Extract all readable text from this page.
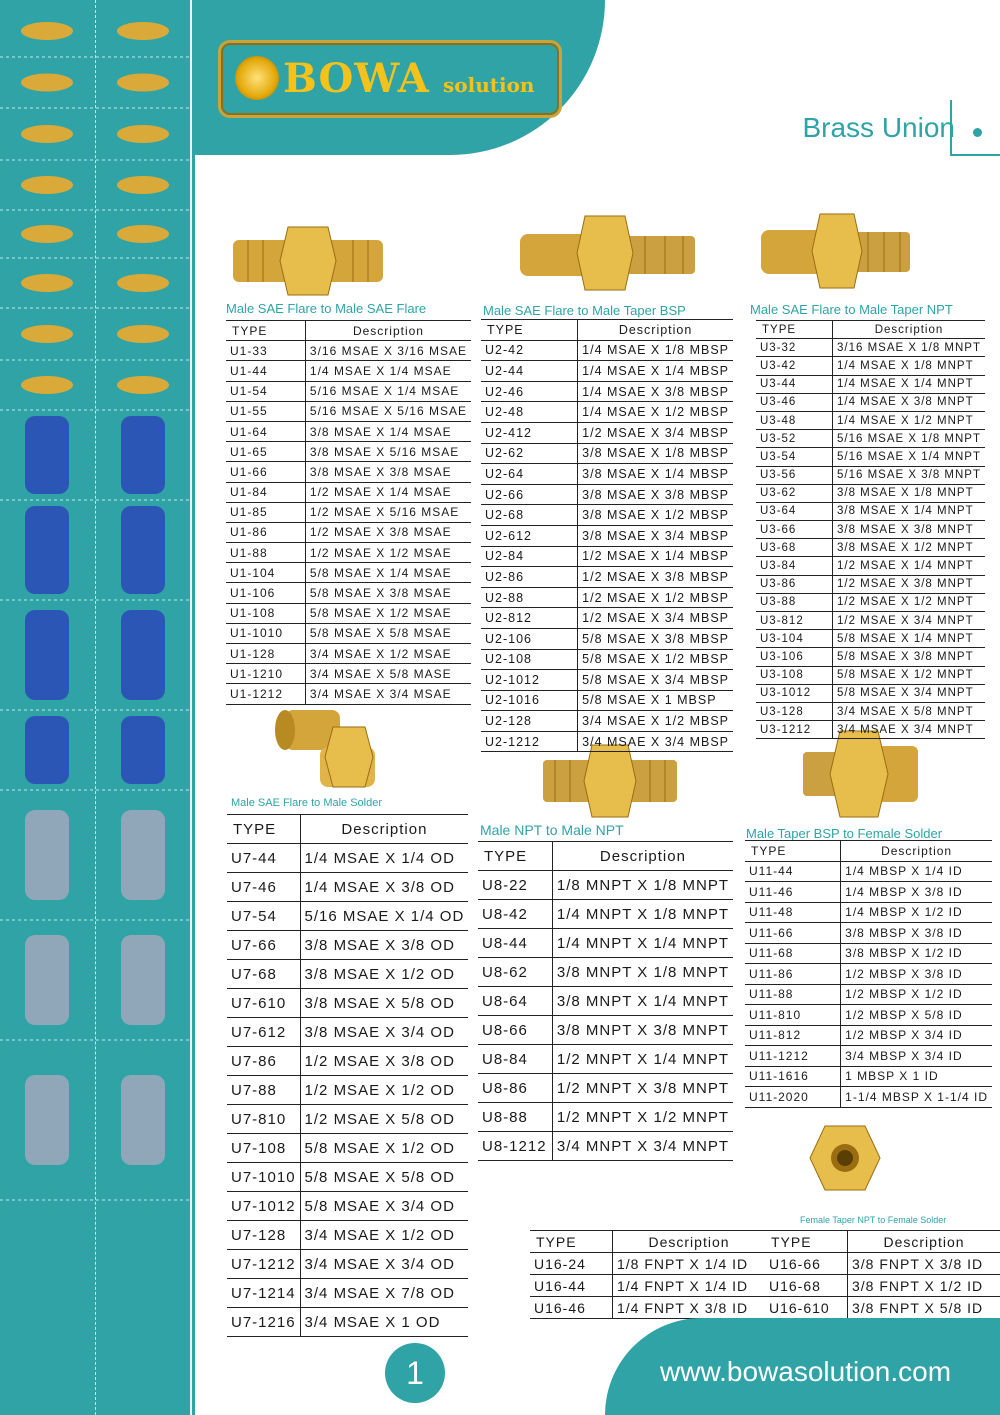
BOWA solution
Brass Union
Male SAE Flare to Male SAE Flare	Male SAE Flare to Male Taper BSP	Male SAE Flare to Male Taper NPT
Male SAE Flare to Male Solder
Male NPT to Male NPT	Male Taper BSP to Female Solder
Female Taper NPT to Female Solder
TYPE	Description
U1-33	3/16 MSAE X 3/16 MSAE
U1-44	1/4 MSAE X 1/4 MSAE
U1-54	5/16 MSAE X 1/4 MSAE
U1-55	5/16 MSAE X 5/16 MSAE
U1-64	3/8 MSAE X 1/4 MSAE
U1-65	3/8 MSAE X 5/16 MSAE
U1-66	3/8 MSAE X 3/8 MSAE
U1-84	1/2 MSAE X 1/4 MSAE
U1-85	1/2 MSAE X 5/16 MSAE
U1-86	1/2 MSAE X 3/8 MSAE
U1-88	1/2 MSAE X 1/2 MSAE
U1-104	5/8 MSAE X 1/4 MSAE
U1-106	5/8 MSAE X 3/8 MSAE
U1-108	5/8 MSAE X 1/2 MSAE
U1-1010	5/8 MSAE X 5/8 MSAE
U1-128	3/4 MSAE X 1/2 MSAE
U1-1210	3/4 MSAE X 5/8 MASE
U1-1212	3/4 MSAE X 3/4 MSAE
TYPE	Description
U2-42	1/4 MSAE X 1/8 MBSP
U2-44	1/4 MSAE X 1/4 MBSP
U2-46	1/4 MSAE X 3/8 MBSP
U2-48	1/4 MSAE X 1/2 MBSP
U2-412	1/2 MSAE X 3/4 MBSP
U2-62	3/8 MSAE X 1/8 MBSP
U2-64	3/8 MSAE X 1/4 MBSP
U2-66	3/8 MSAE X 3/8 MBSP
U2-68	3/8 MSAE X 1/2 MBSP
U2-612	3/8 MSAE X 3/4 MBSP
U2-84	1/2 MSAE X 1/4 MBSP
U2-86	1/2 MSAE X 3/8 MBSP
U2-88	1/2 MSAE X 1/2 MBSP
U2-812	1/2 MSAE X 3/4 MBSP
U2-106	5/8 MSAE X 3/8 MBSP
U2-108	5/8 MSAE X 1/2 MBSP
U2-1012	5/8 MSAE X 3/4 MBSP
U2-1016	5/8 MSAE X 1 MBSP
U2-128	3/4 MSAE X 1/2 MBSP
U2-1212	3/4 MSAE X 3/4 MBSP
TYPE	Description
U3-32	3/16 MSAE X 1/8 MNPT
U3-42	1/4 MSAE X 1/8 MNPT
U3-44	1/4 MSAE X 1/4 MNPT
U3-46	1/4 MSAE X 3/8 MNPT
U3-48	1/4 MSAE X 1/2 MNPT
U3-52	5/16 MSAE X 1/8 MNPT
U3-54	5/16 MSAE X 1/4 MNPT
U3-56	5/16 MSAE X 3/8 MNPT
U3-62	3/8 MSAE X 1/8 MNPT
U3-64	3/8 MSAE X 1/4 MNPT
U3-66	3/8 MSAE X 3/8 MNPT
U3-68	3/8 MSAE X 1/2 MNPT
U3-84	1/2 MSAE X 1/4 MNPT
U3-86	1/2 MSAE X 3/8 MNPT
U3-88	1/2 MSAE X 1/2 MNPT
U3-812	1/2 MSAE X 3/4 MNPT
U3-104	5/8 MSAE X 1/4 MNPT
U3-106	5/8 MSAE X 3/8 MNPT
U3-108	5/8 MSAE X 1/2 MNPT
U3-1012	5/8 MSAE X 3/4 MNPT
U3-128	3/4 MSAE X 5/8 MNPT
U3-1212	3/4 MSAE X 3/4 MNPT
TYPE	Description
U7-44	1/4 MSAE X 1/4 OD
U7-46	1/4 MSAE X 3/8 OD
U7-54	5/16 MSAE X 1/4 OD
U7-66	3/8 MSAE X 3/8 OD
U7-68	3/8 MSAE X 1/2 OD
U7-610	3/8 MSAE X 5/8 OD
U7-612	3/8 MSAE X 3/4 OD
U7-86	1/2 MSAE X 3/8 OD
U7-88	1/2 MSAE X 1/2 OD
U7-810	1/2 MSAE X 5/8 OD
U7-108	5/8 MSAE X 1/2 OD
U7-1010	5/8 MSAE X 5/8 OD
U7-1012	5/8 MSAE X 3/4 OD
U7-128	3/4 MSAE X 1/2 OD
U7-1212	3/4 MSAE X 3/4 OD
U7-1214	3/4 MSAE X 7/8 OD
U7-1216	3/4 MSAE X 1 OD
TYPE	Description
U8-22	1/8 MNPT X 1/8 MNPT
U8-42	1/4 MNPT X 1/8 MNPT
U8-44	1/4 MNPT X 1/4 MNPT
U8-62	3/8 MNPT X 1/8 MNPT
U8-64	3/8 MNPT X 1/4 MNPT
U8-66	3/8 MNPT X 3/8 MNPT
U8-84	1/2 MNPT X 1/4 MNPT
U8-86	1/2 MNPT X 3/8 MNPT
U8-88	1/2 MNPT X 1/2 MNPT
U8-1212	3/4 MNPT X 3/4 MNPT
TYPE	Description
U11-44	1/4 MBSP X 1/4 ID
U11-46	1/4 MBSP X 3/8 ID
U11-48	1/4 MBSP X 1/2 ID
U11-66	3/8 MBSP X 3/8 ID
U11-68	3/8 MBSP X 1/2 ID
U11-86	1/2 MBSP X 3/8 ID
U11-88	1/2 MBSP X 1/2 ID
U11-810	1/2 MBSP X 5/8 ID
U11-812	1/2 MBSP X 3/4 ID
U11-1212	3/4 MBSP X 3/4 ID
U11-1616	1 MBSP X 1 ID
U11-2020	1-1/4 MBSP X 1-1/4 ID
TYPE	Description	TYPE	Description
U16-24	1/8 FNPT X 1/4 ID	U16-66	3/8 FNPT X 3/8 ID
U16-44	1/4 FNPT X 1/4 ID	U16-68	3/8 FNPT X 1/2 ID
U16-46	1/4 FNPT X 3/8 ID	U16-610	3/8 FNPT X 5/8 ID
1	www.bowasolution.com
